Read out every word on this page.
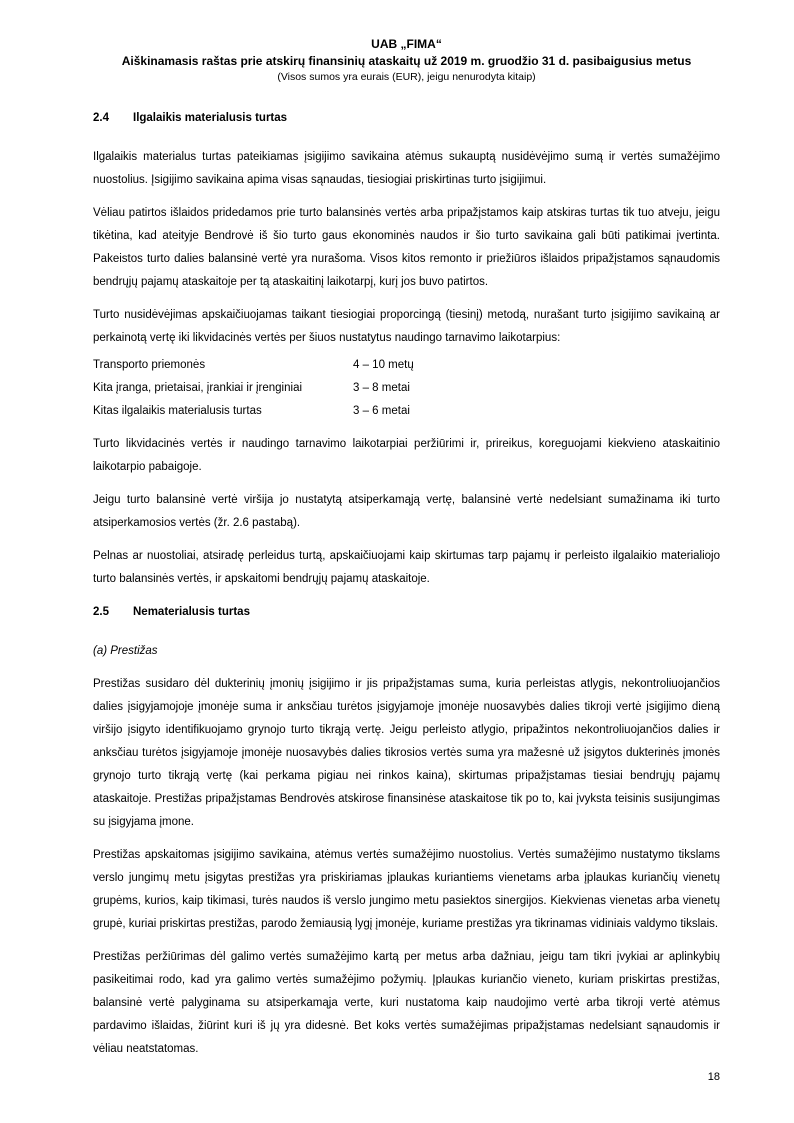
UAB „FIMA“
Aiškinamasis raštas prie atskirų finansinių ataskaitų už 2019 m. gruodžio 31 d. pasibaigusius metus
(Visos sumos yra eurais (EUR), jeigu nenurodyta kitaip)
2.4	Ilgalaikis materialusis turtas

Ilgalaikis materialus turtas pateikiamas įsigijimo savikaina atėmus sukauptą nusidėvėjimo sumą ir vertės sumažėjimo nuostolius. Įsigijimo savikaina apima visas sąnaudas, tiesiogiai priskirtinas turto įsigijimui.

Vėliau patirtos išlaidos pridedamos prie turto balansinės vertės arba pripažįstamos kaip atskiras turtas tik tuo atveju, jeigu tikėtina, kad ateityje Bendrovė iš šio turto gaus ekonominės naudos ir šio turto savikaina gali būti patikimai įvertinta. Pakeistos turto dalies balansinė vertė yra nurašoma. Visos kitos remonto ir priežiūros išlaidos pripažįstamos sąnaudomis bendrųjų pajamų ataskaitoje per tą ataskaitinį laikotarpį, kurį jos buvo patirtos.

Turto nusidėvėjimas apskaičiuojamas taikant tiesiogiai proporcingą (tiesinį) metodą, nurašant turto įsigijimo savikainą ar perkainotą vertę iki likvidacinės vertės per šiuos nustatytus naudingo tarnavimo laikotarpius:

Transporto priemonės	4 – 10 metų
Kita įranga, prietaisai, įrankiai ir įrenginiai	3 – 8 metai
Kitas ilgalaikis materialusis turtas	3 – 6 metai

Turto likvidacinės vertės ir naudingo tarnavimo laikotarpiai peržiūrimi ir, prireikus, koreguojami kiekvieno ataskaitinio laikotarpio pabaigoje.

Jeigu turto balansinė vertė viršija jo nustatytą atsiperkamąją vertę, balansinė vertė nedelsiant sumažinama iki turto atsiperkamosios vertės (žr. 2.6 pastabą).

Pelnas ar nuostoliai, atsiradę perleidus turtą, apskaičiuojami kaip skirtumas tarp pajamų ir perleisto ilgalaikio materialiojo turto balansinės vertės, ir apskaitomi bendrųjų pajamų ataskaitoje.

2.5	Nematerialusis turtas

(a) Prestižas

Prestižas susidaro dėl dukterinių įmonių įsigijimo ir jis pripažįstamas suma, kuria perleistas atlygis, nekontroliuojančios dalies įsigyjamojoje įmonėje suma ir anksčiau turėtos įsigyjamoje įmonėje nuosavybės dalies tikroji vertė įsigijimo dieną viršijo įsigyto identifikuojamo grynojo turto tikrąją vertę. Jeigu perleisto atlygio, pripažintos nekontroliuojančios dalies ir anksčiau turėtos įsigyjamoje įmonėje nuosavybės dalies tikrosios vertės suma yra mažesnė už įsigytos dukterinės įmonės grynojo turto tikrąją vertę (kai perkama pigiau nei rinkos kaina), skirtumas pripažįstamas tiesiai bendrųjų pajamų ataskaitoje. Prestižas pripažįstamas Bendrovės atskirose finansinėse ataskaitose tik po to, kai įvyksta teisinis susijungimas su įsigyjama įmone.

Prestižas apskaitomas įsigijimo savikaina, atėmus vertės sumažėjimo nuostolius. Vertės sumažėjimo nustatymo tikslams verslo jungimų metu įsigytas prestižas yra priskiriamas įplaukas kuriantiems vienetams arba įplaukas kuriančių vienetų grupėms, kurios, kaip tikimasi, turės naudos iš verslo jungimo metu pasiektos sinergijos. Kiekvienas vienetas arba vienetų grupė, kuriai priskirtas prestižas, parodo žemiausią lygį įmonėje, kuriame prestižas yra tikrinamas vidiniais valdymo tikslais.

Prestižas peržiūrimas dėl galimo vertės sumažėjimo kartą per metus arba dažniau, jeigu tam tikri įvykiai ar aplinkybių pasikeitimai rodo, kad yra galimo vertės sumažėjimo požymių. Įplaukas kuriančio vieneto, kuriam priskirtas prestižas, balansinė vertė palyginama su atsiperkamąja verte, kuri nustatoma kaip naudojimo vertė arba tikroji vertė atėmus pardavimo išlaidas, žiūrint kuri iš jų yra didesnė. Bet koks vertės sumažėjimas pripažįstamas nedelsiant sąnaudomis ir vėliau neatstatomas.

18
